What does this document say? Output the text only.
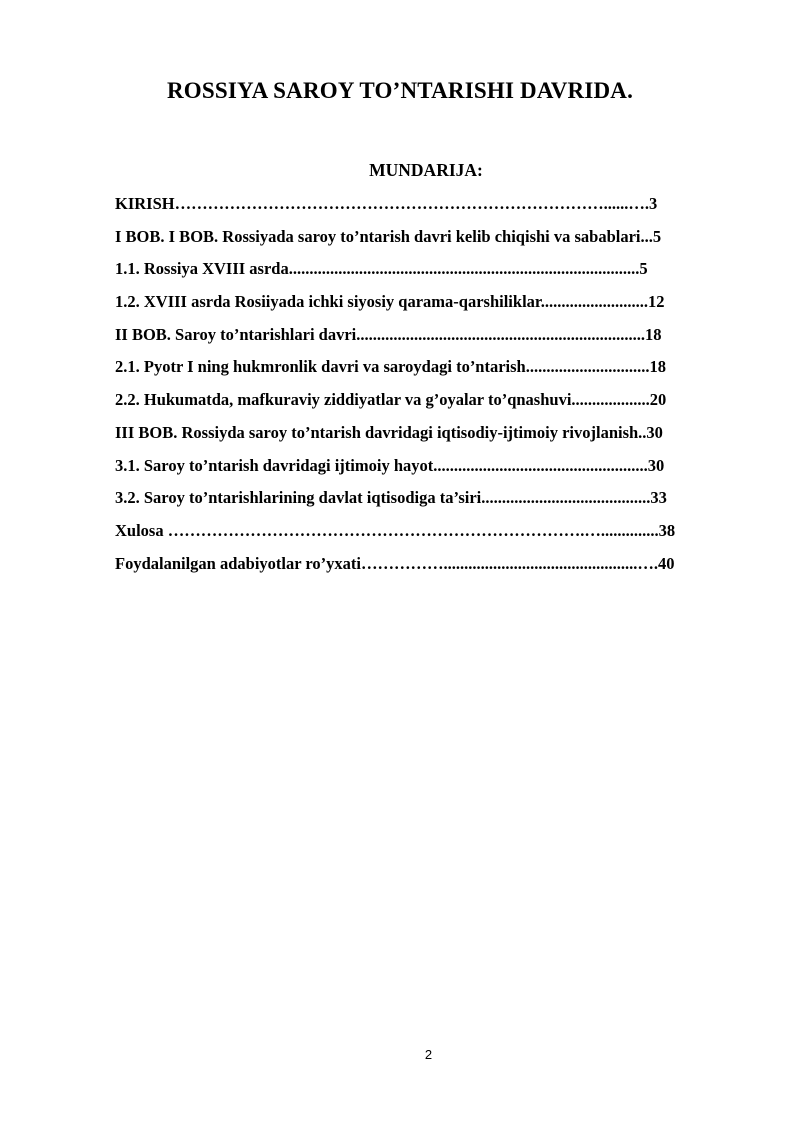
ROSSIYA SAROY TO’NTARISHI DAVRIDA.
MUNDARIJA:
KIRISH……………………………………………………………………......….3
I BOB. I BOB. Rossiyada saroy to’ntarish davri kelib chiqishi va sabablari...5
1.1. Rossiya XVIII asrda.....................................................................................5
1.2. XVIII asrda Rosiiyada ichki siyosiy qarama-qarshiliklar..........................12
II BOB. Saroy to’ntarishlari davri......................................................................18
2.1. Pyotr I ning hukmronlik davri va saroydagi to’ntarish..............................18
2.2. Hukumatda, mafkuraviy ziddiyatlar va g’oyalar to’qnashuvi...................20
III BOB. Rossiyda saroy to’ntarish davridagi iqtisodiy-ijtimoiy rivojlanish..30
3.1. Saroy to’ntarish davridagi ijtimoiy hayot....................................................30
3.2. Saroy to’ntarishlarining davlat iqtisodiga ta’siri.........................................33
Xulosa ………………………………………………………………….…..............38
Foydalanilgan adabiyotlar ro’yxati……………...............................................….40
2
